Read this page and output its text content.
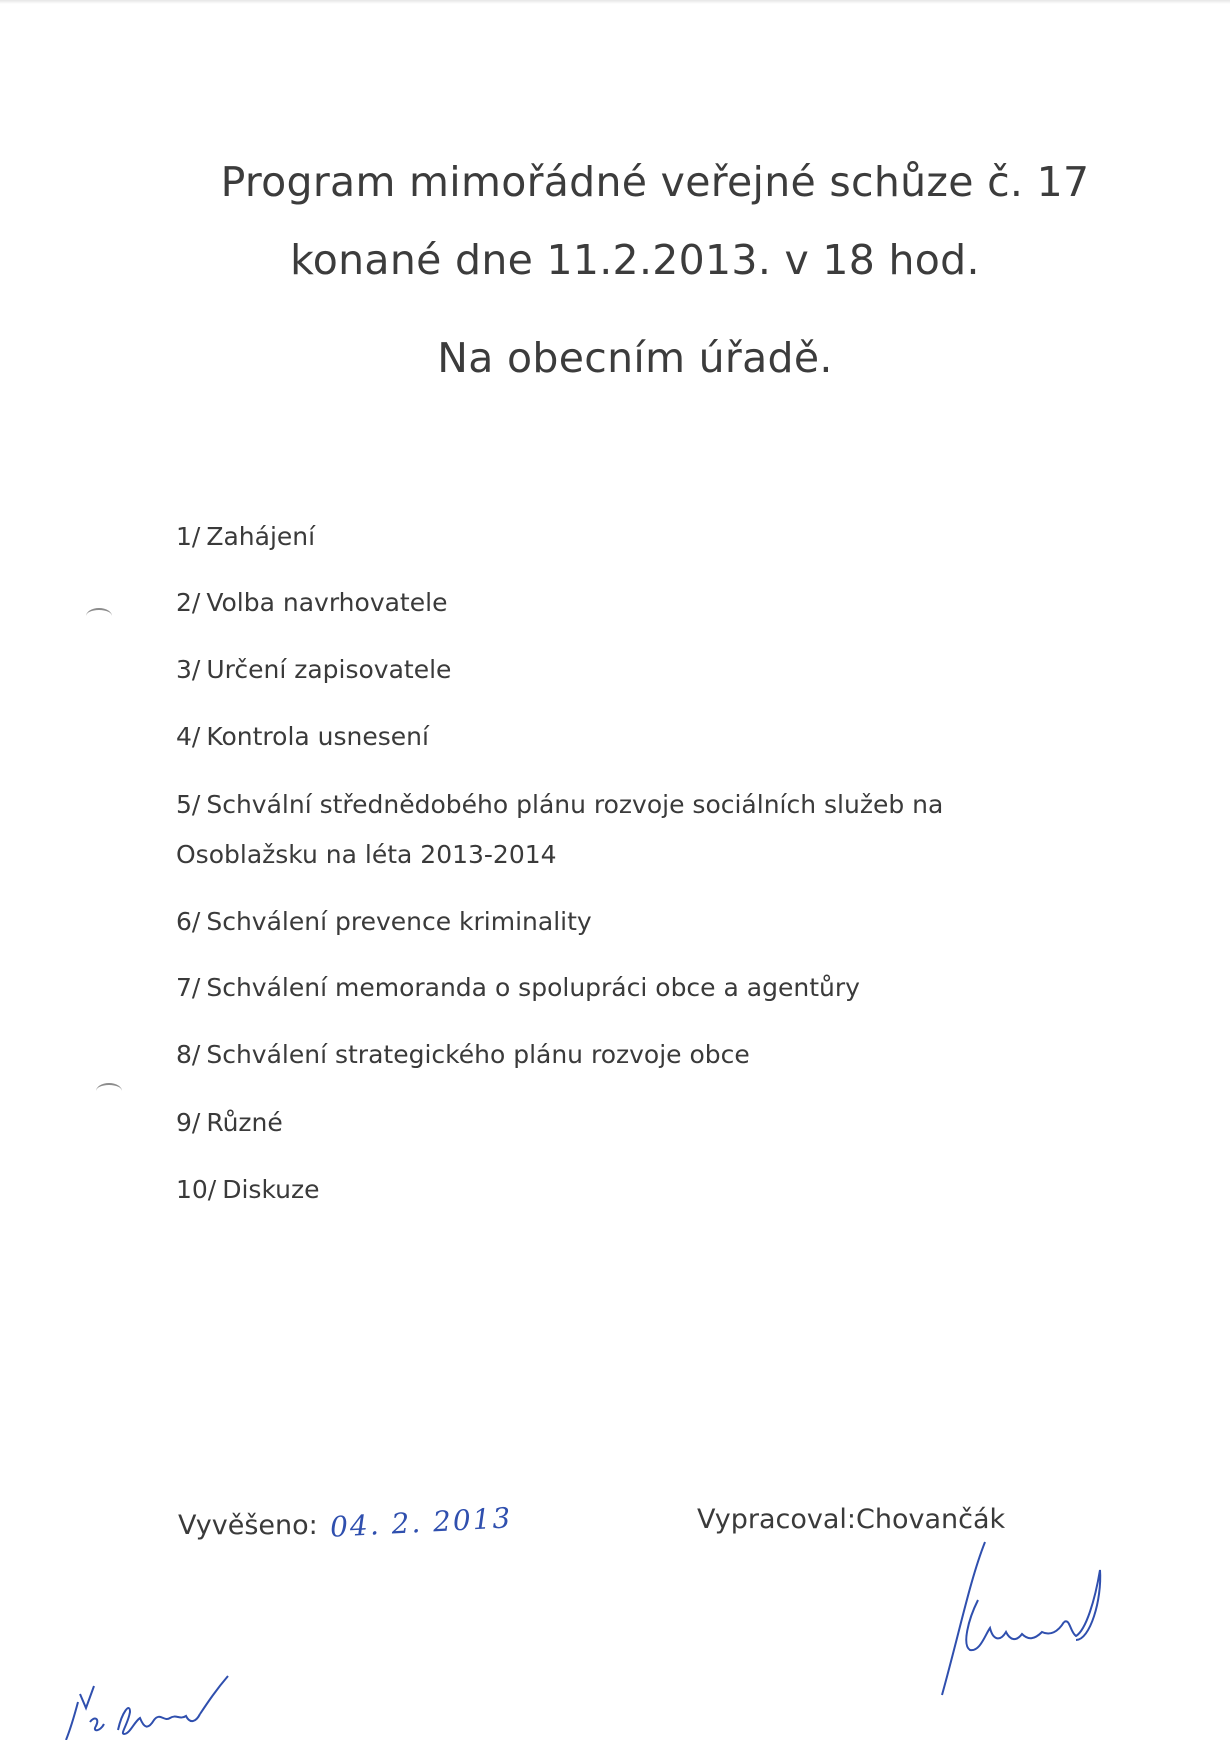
Program mimořádné veřejné schůze č. 17
konané dne 11.2.2013. v 18 hod.
Na obecním úřadě.
1/ Zahájení
2/ Volba navrhovatele
3/ Určení zapisovatele
4/ Kontrola usnesení
5/ Schvální střednědobého plánu rozvoje sociálních služeb na
Osoblažsku na léta 2013-2014
6/ Schválení prevence kriminality
7/ Schválení memoranda o spolupráci obce a agentůry
8/ Schválení strategického plánu rozvoje obce
9/ Různé
10/ Diskuze
Vyvěšeno: 04. 2. 2013	Vypracoval:Chovančák
